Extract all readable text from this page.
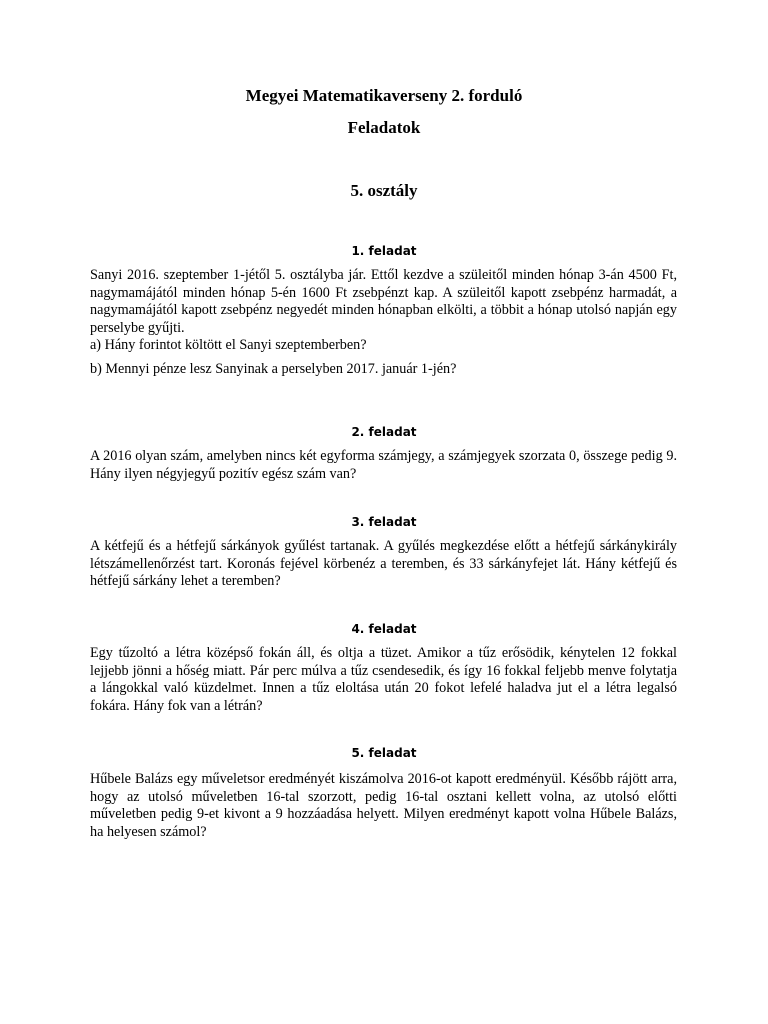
Megyei Matematikaverseny 2. forduló
Feladatok
5. osztály
1. feladat

Sanyi 2016. szeptember 1-jétől 5. osztályba jár. Ettől kezdve a szüleitől minden hónap 3-án 4500 Ft, nagymamájától minden hónap 5-én 1600 Ft zsebpénzt kap. A szüleitől kapott zsebpénz harmadát, a nagymamájától kapott zsebpénz negyedét minden hónapban elkölti, a többit a hónap utolsó napján egy perselybe gyűjti.
a) Hány forintot költött el Sanyi szeptemberben?

b) Mennyi pénze lesz Sanyinak a perselyben 2017. január 1-jén?

2. feladat

A 2016 olyan szám, amelyben nincs két egyforma számjegy, a számjegyek szorzata 0, összege pedig 9. Hány ilyen négyjegyű pozitív egész szám van?

3. feladat

A kétfejű és a hétfejű sárkányok gyűlést tartanak. A gyűlés megkezdése előtt a hétfejű sárkánykirály létszámellenőrzést tart. Koronás fejével körbenéz a teremben, és 33 sárkányfejet lát. Hány kétfejű és hétfejű sárkány lehet a teremben?

4. feladat

Egy tűzoltó a létra középső fokán áll, és oltja a tüzet. Amikor a tűz erősödik, kénytelen 12 fokkal lejjebb jönni a hőség miatt. Pár perc múlva a tűz csendesedik, és így 16 fokkal feljebb menve folytatja a lángokkal való küzdelmet. Innen a tűz eloltása után 20 fokot lefelé haladva jut el a létra legalsó fokára. Hány fok van a létrán?

5. feladat

Hűbele Balázs egy műveletsor eredményét kiszámolva 2016-ot kapott eredményül. Később rájött arra, hogy az utolsó műveletben 16-tal szorzott, pedig 16-tal osztani kellett volna, az utolsó előtti műveletben pedig 9-et kivont a 9 hozzáadása helyett. Milyen eredményt kapott volna Hűbele Balázs, ha helyesen számol?
